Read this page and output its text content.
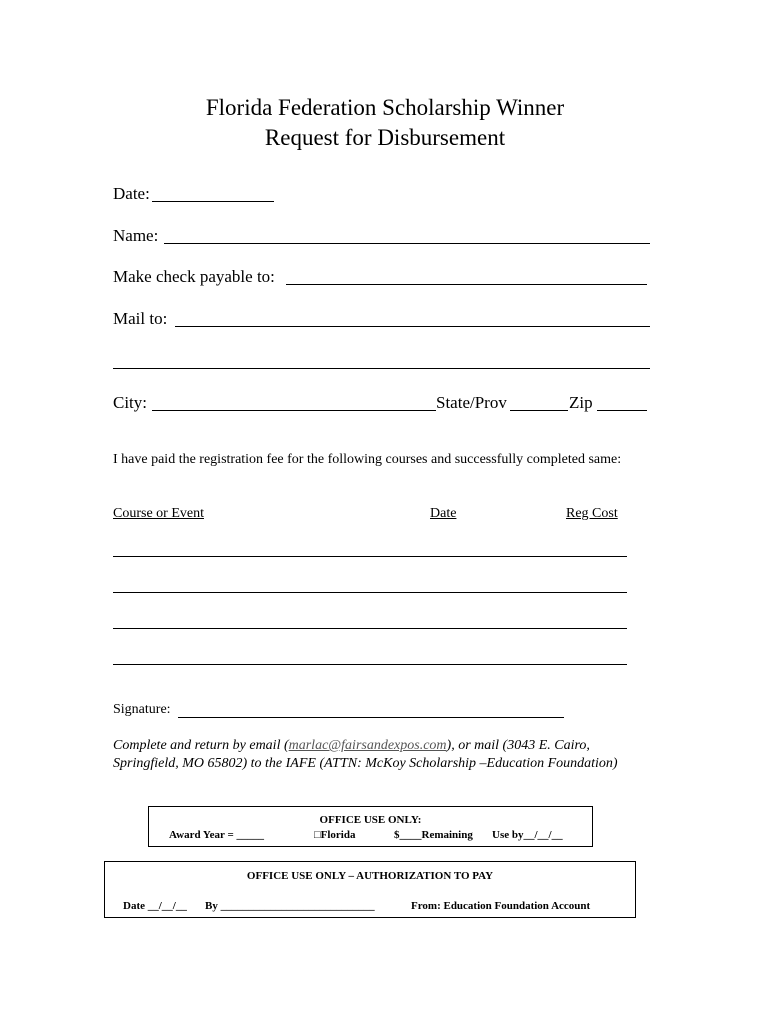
Florida Federation Scholarship Winner
Request for Disbursement
Date:
Name:
Make check payable to:
Mail to:
City:	State/Prov	Zip
I have paid the registration fee for the following courses and successfully completed same:
Course or Event	Date	Reg Cost
Signature:
Complete and return by email (marlac@fairsandexpos.com), or mail (3043 E. Cairo, Springfield, MO 65802) to the IAFE (ATTN: McKoy Scholarship –Education Foundation)
OFFICE USE ONLY:
Award Year = _____	□Florida	$____Remaining Use by__/__/__
OFFICE USE ONLY – AUTHORIZATION TO PAY
Date __/__/__ By ____________________________	From: Education Foundation Account
